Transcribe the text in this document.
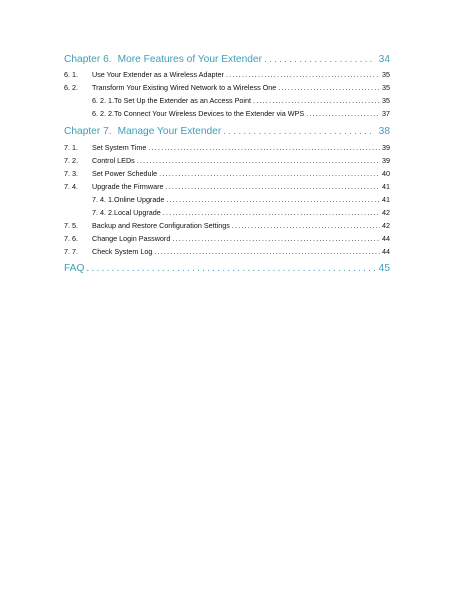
Chapter 6. More Features of Your Extender .....	34
6. 1.	Use Your Extender as a Wireless Adapter .....	35
6. 2.	Transform Your Existing Wired Network to a Wireless One .....	35
6. 2. 1.To Set Up the Extender as an Access Point .....	35
6. 2. 2.To Connect Your Wireless Devices to the Extender via WPS .....	37
Chapter 7. Manage Your Extender .....	38
7. 1.	Set System Time .....	39
7. 2.	Control LEDs .....	39
7. 3.	Set Power Schedule .....	40
7. 4.	Upgrade the Firmware .....	41
7. 4. 1.Online Upgrade .....	41
7. 4. 2.Local Upgrade .....	42
7. 5.	Backup and Restore Configuration Settings .....	42
7. 6.	Change Login Password .....	44
7. 7.	Check System Log .....	44
FAQ .....	45
